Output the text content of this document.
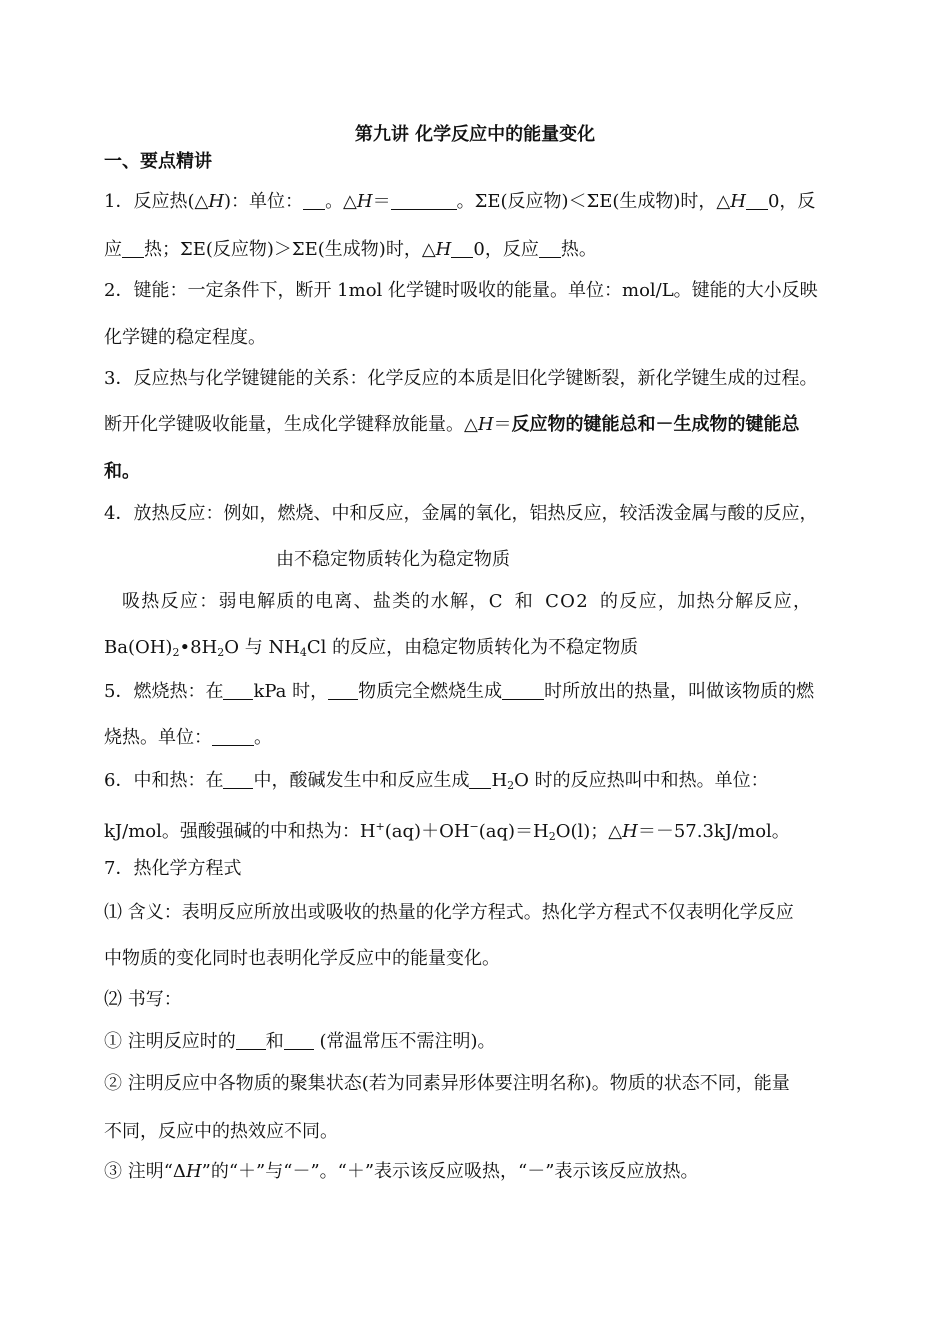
第九讲 化学反应中的能量变化
一、要点精讲
1．反应热(△H)：单位： 。△H＝	。ΣE(反应物)＜ΣE(生成物)时，△H 0，反
应 热；ΣE(反应物)＞ΣE(生成物)时，△H 0，反应 热。
2．键能：一定条件下，断开 1mol 化学键时吸收的能量。单位：mol/L。键能的大小反映
化学键的稳定程度。
3．反应热与化学键键能的关系：化学反应的本质是旧化学键断裂，新化学键生成的过程。
断开化学键吸收能量，生成化学键释放能量。△H＝反应物的键能总和－生成物的键能总
和。
4．放热反应：例如，燃烧、中和反应，金属的氧化，铝热反应，较活泼金属与酸的反应，
由不稳定物质转化为稳定物质
吸热反应：弱电解质的电离、盐类的水解，C 和 CO2 的反应，加热分解反应，
$Ba(OH)_2•8H_2O$ 与 $NH_4Cl$ 的反应，由稳定物质转化为不稳定物质
5．燃烧热：在 kPa 时， 物质完全燃烧生成 时所放出的热量，叫做该物质的燃
烧热。单位： 。
6．中和热：在 中，酸碱发生中和反应生成 $H_2O$ 时的反应热叫中和热。单位：
kJ/mol。强酸强碱的中和热为：$H^+(aq)+OH^-(aq)=H_2O(l)$；△H＝－57.3kJ/mol。
7．热化学方程式
⑴ 含义：表明反应所放出或吸收的热量的化学方程式。热化学方程式不仅表明化学反应
中物质的变化同时也表明化学反应中的能量变化。
⑵ 书写：
① 注明反应时的 和 (常温常压不需注明)。
② 注明反应中各物质的聚集状态(若为同素异形体要注明名称)。物质的状态不同，能量
不同，反应中的热效应不同。
③ 注明“ΔH”的“＋”与“－”。“＋”表示该反应吸热，“－”表示该反应放热。
